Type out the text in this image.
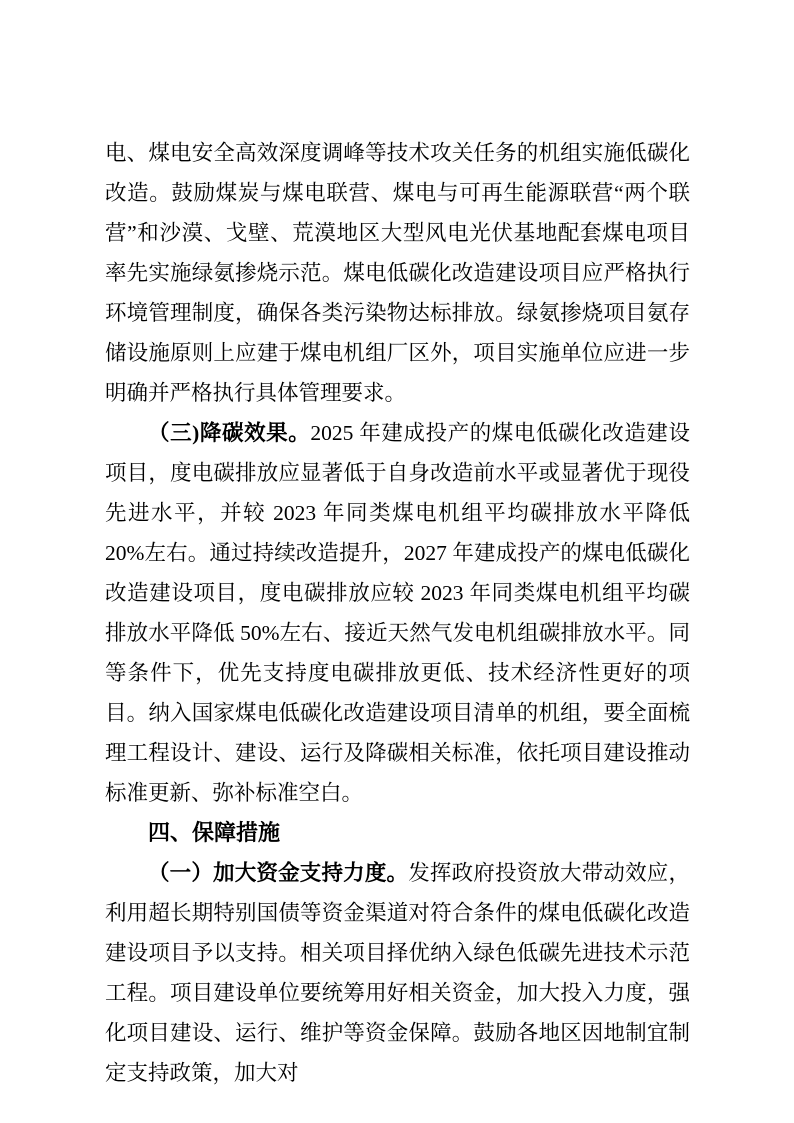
电、煤电安全高效深度调峰等技术攻关任务的机组实施低碳化改造。鼓励煤炭与煤电联营、煤电与可再生能源联营“两个联营”和沙漠、戈壁、荒漠地区大型风电光伏基地配套煤电项目率先实施绿氨掺烧示范。煤电低碳化改造建设项目应严格执行环境管理制度，确保各类污染物达标排放。绿氨掺烧项目氨存储设施原则上应建于煤电机组厂区外，项目实施单位应进一步明确并严格执行具体管理要求。

（三)降碳效果。2025 年建成投产的煤电低碳化改造建设项目，度电碳排放应显著低于自身改造前水平或显著优于现役先进水平，并较 2023 年同类煤电机组平均碳排放水平降低 20%左右。通过持续改造提升，2027 年建成投产的煤电低碳化改造建设项目，度电碳排放应较 2023 年同类煤电机组平均碳排放水平降低 50%左右、接近天然气发电机组碳排放水平。同等条件下，优先支持度电碳排放更低、技术经济性更好的项目。纳入国家煤电低碳化改造建设项目清单的机组，要全面梳理工程设计、建设、运行及降碳相关标准，依托项目建设推动标准更新、弥补标准空白。

四、保障措施

（一）加大资金支持力度。发挥政府投资放大带动效应，利用超长期特别国债等资金渠道对符合条件的煤电低碳化改造建设项目予以支持。相关项目择优纳入绿色低碳先进技术示范工程。项目建设单位要统筹用好相关资金，加大投入力度，强化项目建设、运行、维护等资金保障。鼓励各地区因地制宜制定支持政策，加大对
